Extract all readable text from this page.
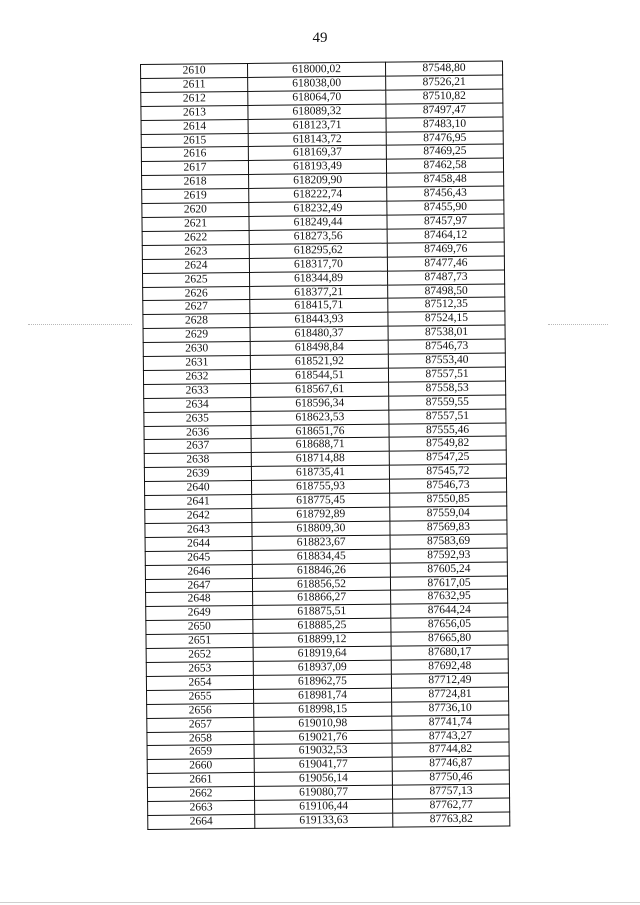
49
2610	618000,02	87548,80
2611	618038,00	87526,21
2612	618064,70	87510,82
2613	618089,32	87497,47
2614	618123,71	87483,10
2615	618143,72	87476,95
2616	618169,37	87469,25
2617	618193,49	87462,58
2618	618209,90	87458,48
2619	618222,74	87456,43
2620	618232,49	87455,90
2621	618249,44	87457,97
2622	618273,56	87464,12
2623	618295,62	87469,76
2624	618317,70	87477,46
2625	618344,89	87487,73
2626	618377,21	87498,50
2627	618415,71	87512,35
2628	618443,93	87524,15
2629	618480,37	87538,01
2630	618498,84	87546,73
2631	618521,92	87553,40
2632	618544,51	87557,51
2633	618567,61	87558,53
2634	618596,34	87559,55
2635	618623,53	87557,51
2636	618651,76	87555,46
2637	618688,71	87549,82
2638	618714,88	87547,25
2639	618735,41	87545,72
2640	618755,93	87546,73
2641	618775,45	87550,85
2642	618792,89	87559,04
2643	618809,30	87569,83
2644	618823,67	87583,69
2645	618834,45	87592,93
2646	618846,26	87605,24
2647	618856,52	87617,05
2648	618866,27	87632,95
2649	618875,51	87644,24
2650	618885,25	87656,05
2651	618899,12	87665,80
2652	618919,64	87680,17
2653	618937,09	87692,48
2654	618962,75	87712,49
2655	618981,74	87724,81
2656	618998,15	87736,10
2657	619010,98	87741,74
2658	619021,76	87743,27
2659	619032,53	87744,82
2660	619041,77	87746,87
2661	619056,14	87750,46
2662	619080,77	87757,13
2663	619106,44	87762,77
2664	619133,63	87763,82
